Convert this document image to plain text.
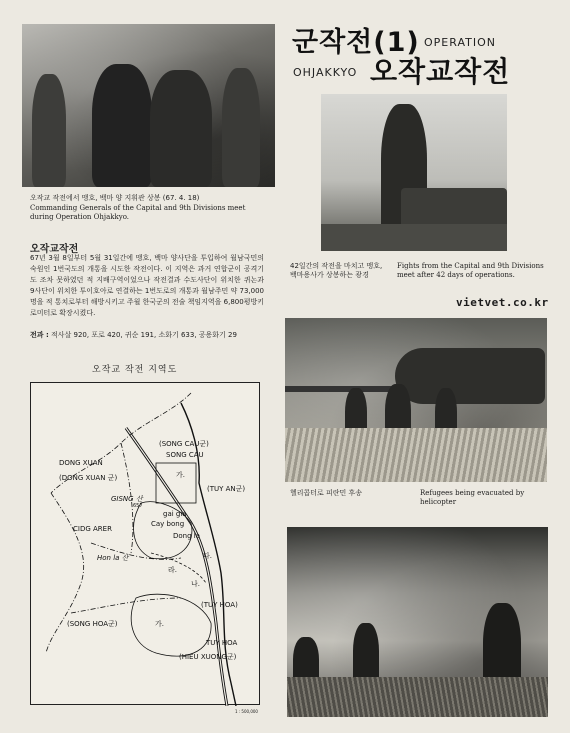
오작교 작전에서 맹호, 백마 양 지휘관 상봉 (67. 4. 18)
Commanding Generals of the Capital and 9th Divisions meet during Operation Ohjakkyo.
군작전(1) OPERATION
OHJAKKYO 오작교작전
42일간의 작전을 마치고 맹호, 백마용사가 상봉하는 광경
Fights from the Capital and 9th Divisions meet after 42 days of operations.
vietvet.co.kr
헬리콥터로 피란민 후송	Refugees being evacuated by helicopter
오작교작전
67년 3월 8일부터 5월 31일간에 맹호, 백마 양사단을 투입하여 월남국민의 숙원인 1번국도의 개통을 시도한 작전이다. 이 지역은 과거 연합군이 공격기도 조차 못하였던 적 지배구역이었으나 작전결과 수도사단이 위치한 퀴논과 9사단이 위치한 투이호아로 연결하는 1번도로의 개통과 월남주민 약 73,000명을 적 통치로부터 해방시키고 주월 한국군의 전술 책임지역을 6,800평방키로미터로 확장시켰다.
전과 : 적사살 920, 포로 420, 귀순 191, 소화기 633, 공용화기 29
오작교 작전 지역도
(SONG CAU군)
SONG CAU
DONG XUAN
(DONG XUAN 군)
(TUY AN군)
GISNG 산
657
gai gia
Cay bong
Dong la
CIDG ARER
Hon la 산
가.
나.
다.
라.
(TUY HOA)
TUY HOA
(HIEU XUONG군)
(SONG HOA군)	가.
1 : 500,000
